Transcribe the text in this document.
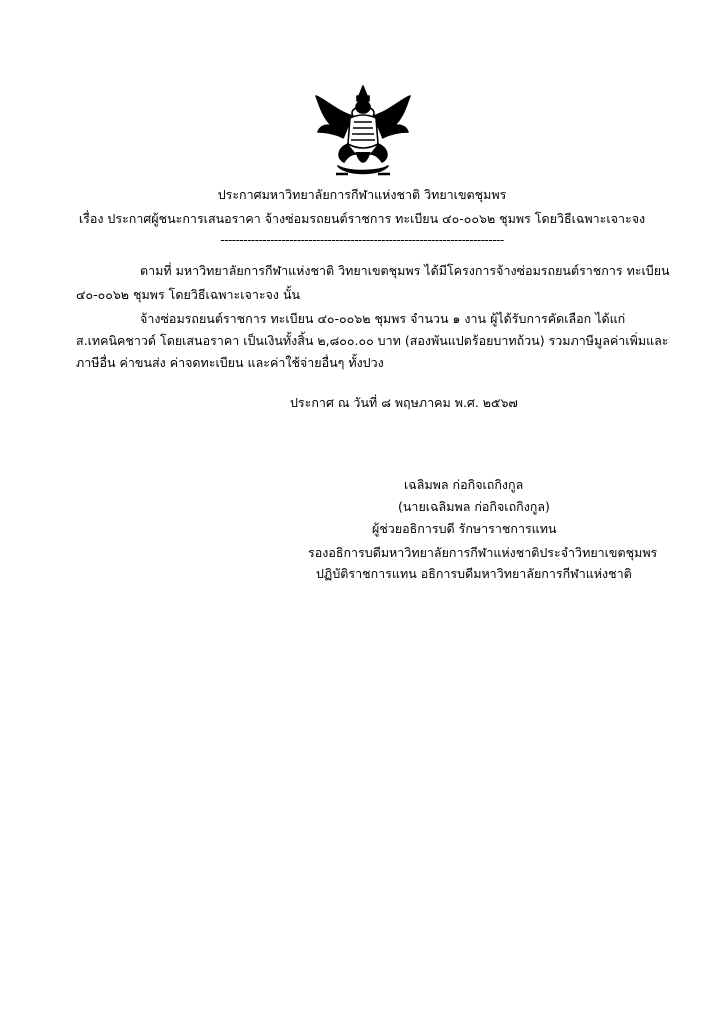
ประกาศมหาวิทยาลัยการกีฬาแห่งชาติ วิทยาเขตชุมพร
เรื่อง ประกาศผู้ชนะการเสนอราคา จ้างซ่อมรถยนต์ราชการ ทะเบียน ๔๐-๐๐๖๒ ชุมพร โดยวิธีเฉพาะเจาะจง
--------------------------------------------------------------------------
ตามที่ มหาวิทยาลัยการกีฬาแห่งชาติ วิทยาเขตชุมพร ได้มีโครงการจ้างซ่อมรถยนต์ราชการ ทะเบียน
๔๐-๐๐๖๒ ชุมพร โดยวิธีเฉพาะเจาะจง นั้น
จ้างซ่อมรถยนต์ราชการ ทะเบียน ๔๐-๐๐๖๒ ชุมพร จำนวน ๑ งาน ผู้ได้รับการคัดเลือก ได้แก่
ส.เทคนิคชาวด์ โดยเสนอราคา เป็นเงินทั้งสิ้น ๒,๘๐๐.๐๐ บาท (สองพันแปดร้อยบาทถ้วน) รวมภาษีมูลค่าเพิ่มและ
ภาษีอื่น ค่าขนส่ง ค่าจดทะเบียน และค่าใช้จ่ายอื่นๆ ทั้งปวง
ประกาศ ณ วันที่ ๘ พฤษภาคม พ.ศ. ๒๕๖๗
เฉลิมพล ก่อกิจเถกิงกูล
(นายเฉลิมพล ก่อกิจเถกิงกูล)
ผู้ช่วยอธิการบดี รักษาราชการแทน
รองอธิการบดีมหาวิทยาลัยการกีฬาแห่งชาติประจำวิทยาเขตชุมพร
ปฏิบัติราชการแทน อธิการบดีมหาวิทยาลัยการกีฬาแห่งชาติ
